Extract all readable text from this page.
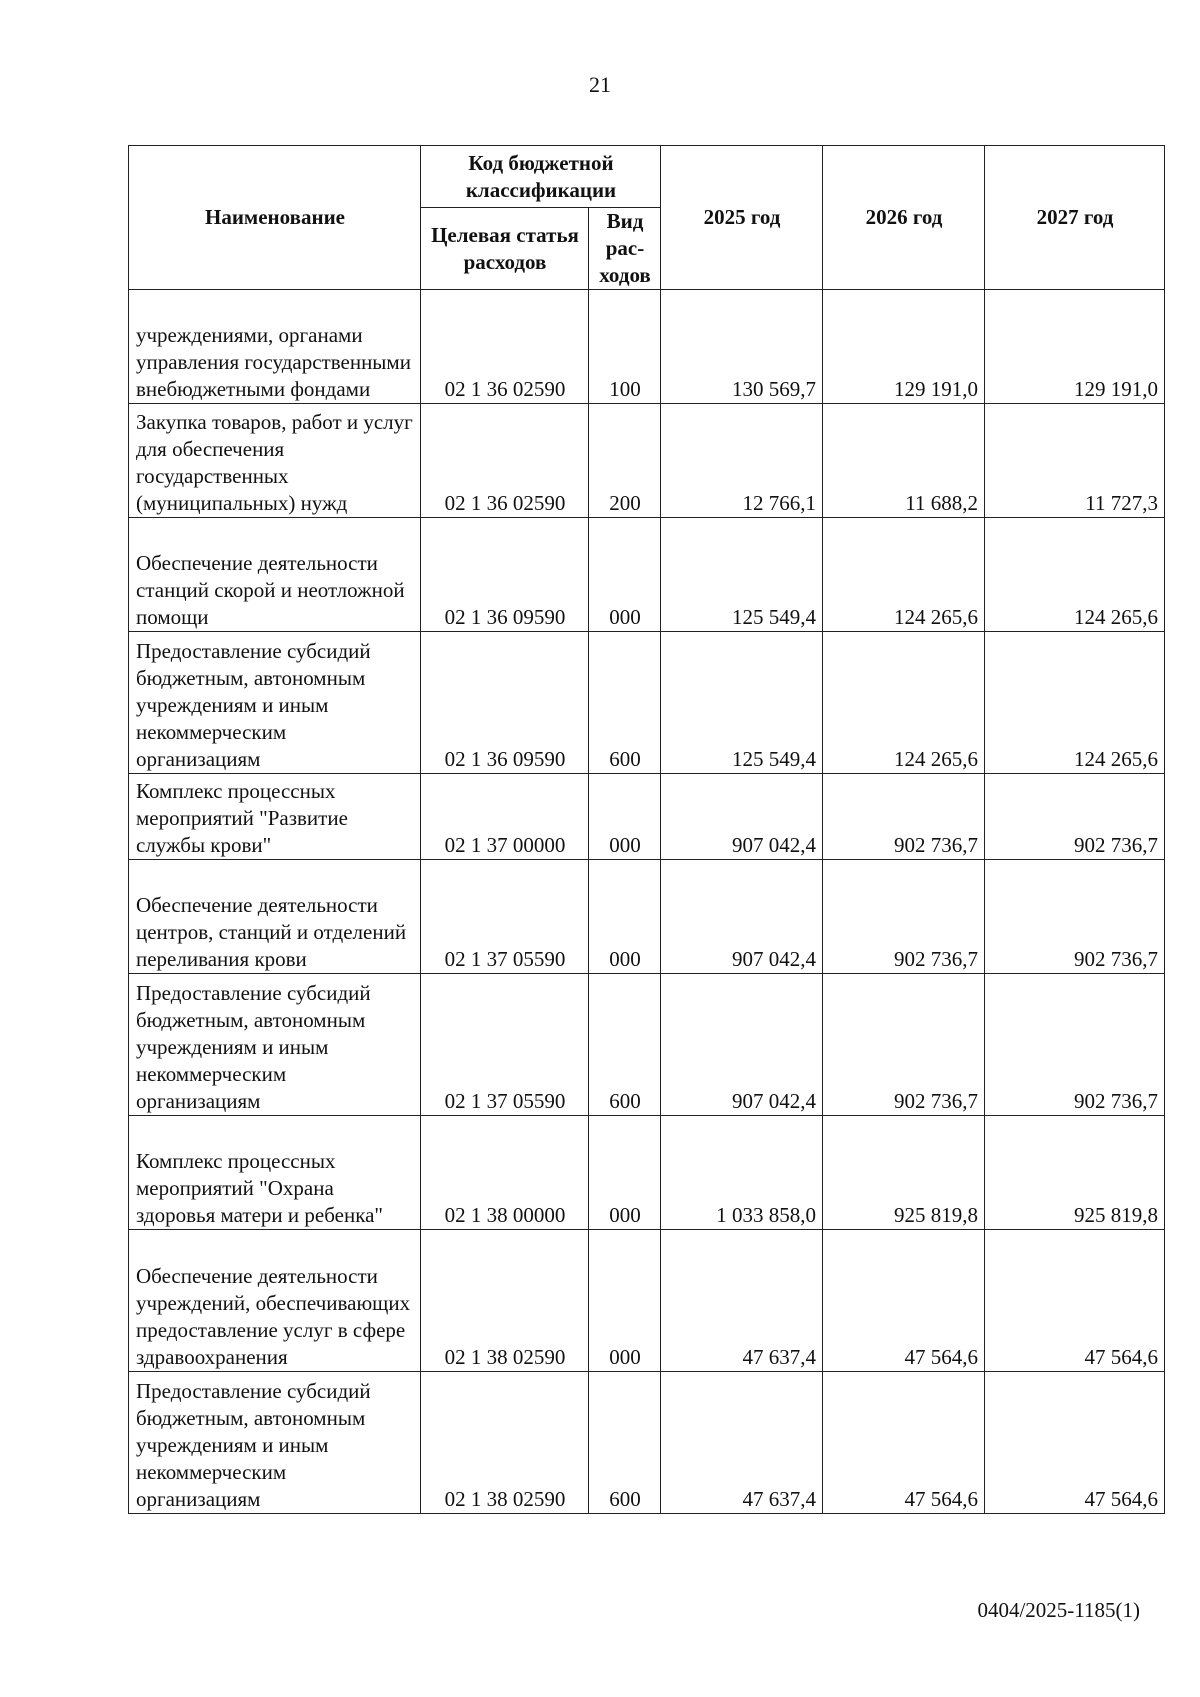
21
Наименование	Код бюджетной классификации		2025 год	2026 год	2027 год
	Целевая статья расходов	Вид рас-ходов			
учреждениями, органами управления государственными внебюджетными фондами	02 1 36 02590	100	130 569,7	129 191,0	129 191,0
Закупка товаров, работ и услуг для обеспечения государственных (муниципальных) нужд	02 1 36 02590	200	12 766,1	11 688,2	11 727,3
Обеспечение деятельности станций скорой и неотложной помощи	02 1 36 09590	000	125 549,4	124 265,6	124 265,6
Предоставление субсидий бюджетным, автономным учреждениям и иным некоммерческим организациям	02 1 36 09590	600	125 549,4	124 265,6	124 265,6
Комплекс процессных мероприятий "Развитие службы крови"	02 1 37 00000	000	907 042,4	902 736,7	902 736,7
Обеспечение деятельности центров, станций и отделений переливания крови	02 1 37 05590	000	907 042,4	902 736,7	902 736,7
Предоставление субсидий бюджетным, автономным учреждениям и иным некоммерческим организациям	02 1 37 05590	600	907 042,4	902 736,7	902 736,7
Комплекс процессных мероприятий "Охрана здоровья матери и ребенка"	02 1 38 00000	000	1 033 858,0	925 819,8	925 819,8
Обеспечение деятельности учреждений, обеспечивающих предоставление услуг в сфере здравоохранения	02 1 38 02590	000	47 637,4	47 564,6	47 564,6
Предоставление субсидий бюджетным, автономным учреждениям и иным некоммерческим организациям	02 1 38 02590	600	47 637,4	47 564,6	47 564,6
0404/2025-1185(1)
